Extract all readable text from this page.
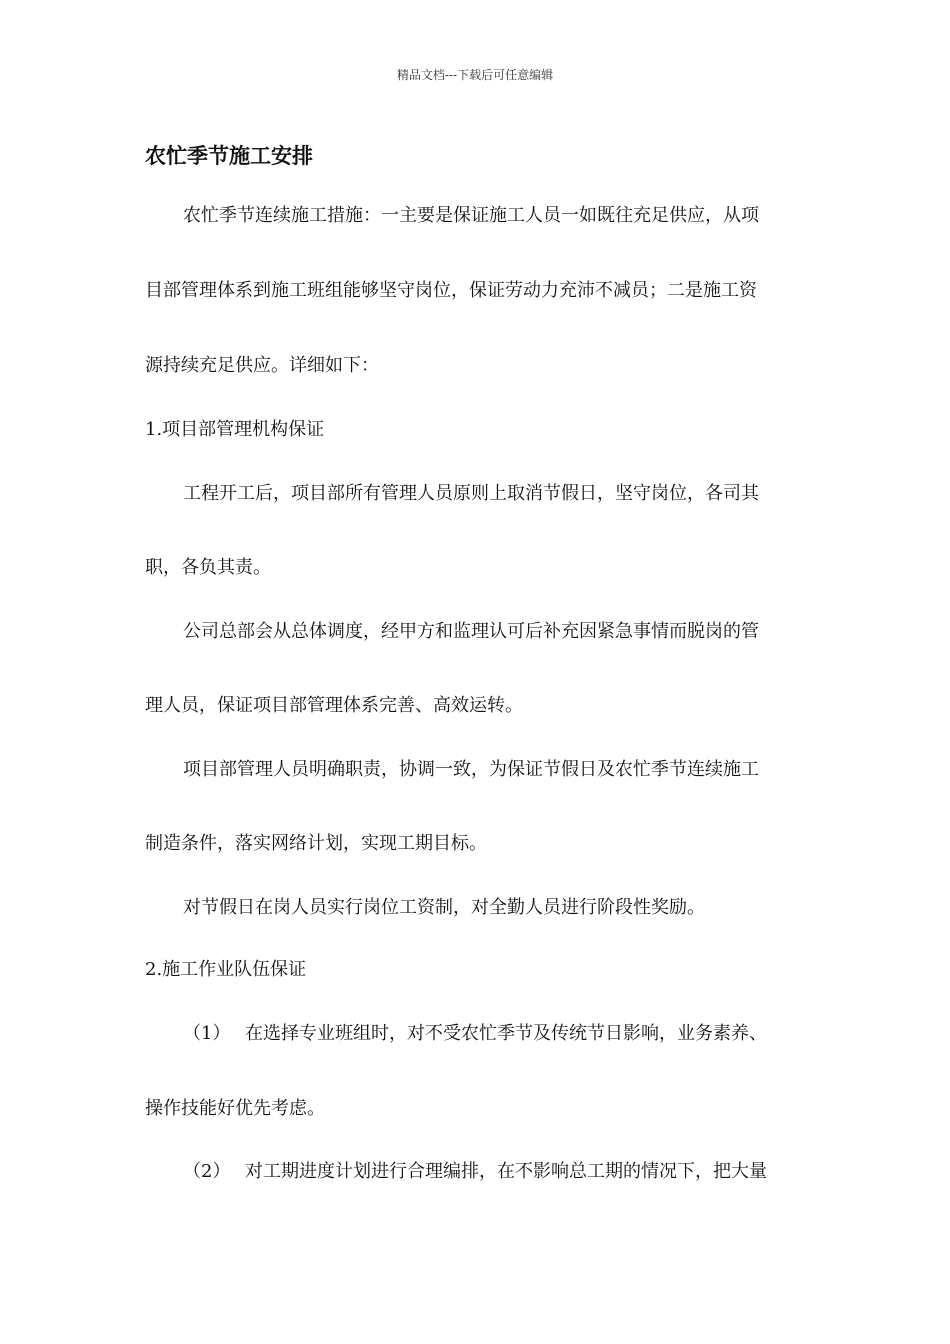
精品文档---下载后可任意编辑
农忙季节施工安排
农忙季节连续施工措施：一主要是保证施工人员一如既往充足供应，从项
目部管理体系到施工班组能够坚守岗位，保证劳动力充沛不减员；二是施工资
源持续充足供应。详细如下：
1.项目部管理机构保证
工程开工后，项目部所有管理人员原则上取消节假日，坚守岗位，各司其
职，各负其责。
公司总部会从总体调度，经甲方和监理认可后补充因紧急事情而脱岗的管
理人员，保证项目部管理体系完善、高效运转。
项目部管理人员明确职责，协调一致，为保证节假日及农忙季节连续施工
制造条件，落实网络计划，实现工期目标。
对节假日在岗人员实行岗位工资制，对全勤人员进行阶段性奖励。
2.施工作业队伍保证
（1） 在选择专业班组时，对不受农忙季节及传统节日影响，业务素养、
操作技能好优先考虑。
（2） 对工期进度计划进行合理编排，在不影响总工期的情况下，把大量
